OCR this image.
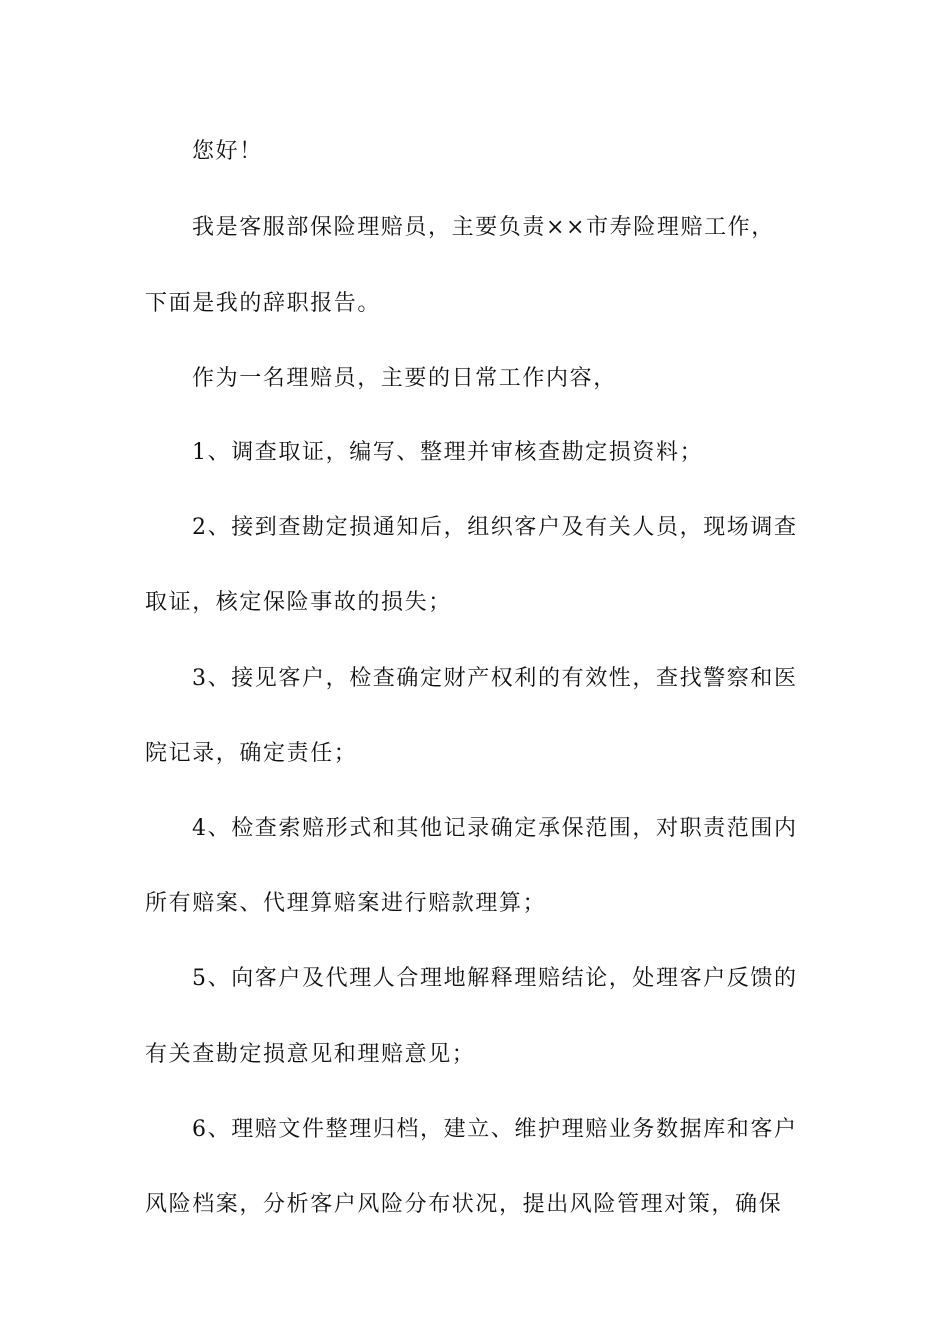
您好！
我是客服部保险理赔员，主要负责××市寿险理赔工作，
下面是我的辞职报告。
作为一名理赔员，主要的日常工作内容，
1、调查取证，编写、整理并审核查勘定损资料；
2、接到查勘定损通知后，组织客户及有关人员，现场调查
取证，核定保险事故的损失；
3、接见客户，检查确定财产权利的有效性，查找警察和医
院记录，确定责任；
4、检查索赔形式和其他记录确定承保范围，对职责范围内
所有赔案、代理算赔案进行赔款理算；
5、向客户及代理人合理地解释理赔结论，处理客户反馈的
有关查勘定损意见和理赔意见；
6、理赔文件整理归档，建立、维护理赔业务数据库和客户
风险档案，分析客户风险分布状况，提出风险管理对策，确保
